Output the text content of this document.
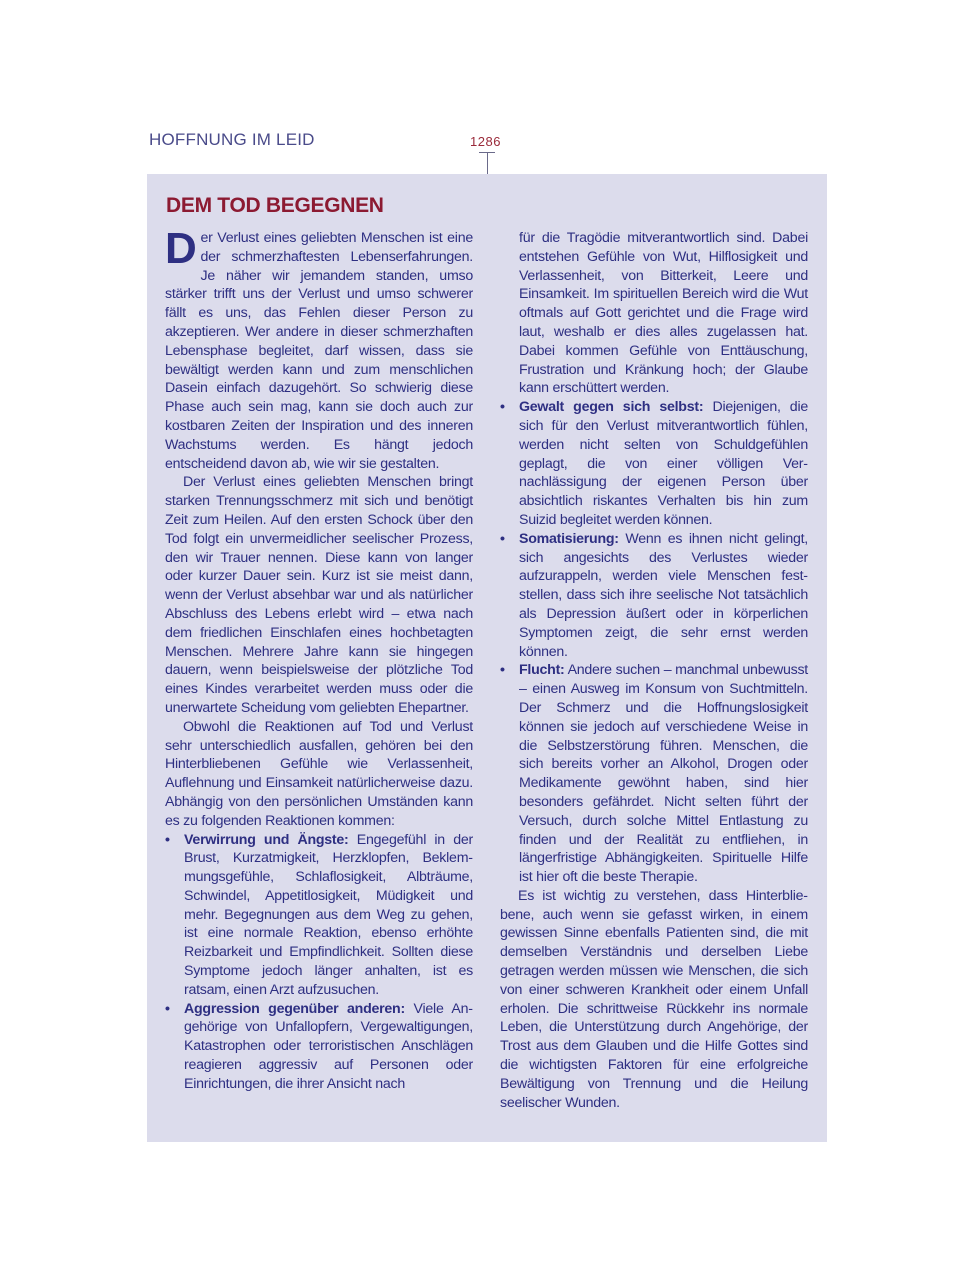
HOFFNUNG IM LEID	1286
DEM TOD BEGEGNEN

Der Verlust eines geliebten Menschen ist eine der schmerzhaftesten Lebenserfahrungen. Je näher wir jemandem standen, umso stärker trifft uns der Verlust und umso schwerer fällt es uns, das Fehlen dieser Person zu akzeptieren. Wer andere in dieser schmerzhaften Lebensphase begleitet, darf wissen, dass sie bewältigt werden kann und zum menschlichen Dasein einfach dazugehört. So schwierig diese Phase auch sein mag, kann sie doch auch zur kostbaren Zeiten der Inspiration und des inneren Wachstums werden. Es hängt jedoch entscheidend davon ab, wie wir sie gestalten.

Der Verlust eines geliebten Menschen bringt starken Trennungsschmerz mit sich und benötigt Zeit zum Heilen. Auf den ersten Schock über den Tod folgt ein unvermeidlicher seelischer Prozess, den wir Trauer nennen. Diese kann von langer oder kurzer Dauer sein. Kurz ist sie meist dann, wenn der Verlust absehbar war und als natürlicher Abschluss des Lebens erlebt wird – etwa nach dem friedlichen Einschlafen eines hochbetagten Menschen. Mehrere Jahre kann sie hingegen dauern, wenn beispielsweise der plötzliche Tod eines Kindes verarbeitet werden muss oder die unerwartete Scheidung vom geliebten Ehepartner.

Obwohl die Reaktionen auf Tod und Verlust sehr unterschiedlich ausfallen, gehören bei den Hinterbliebenen Gefühle wie Verlassenheit, Auflehnung und Einsamkeit natürlicherweise dazu. Abhängig von den persönlichen Umständen kann es zu folgenden Reaktionen kommen:

• Verwirrung und Ängste: Engegefühl in der Brust, Kurzatmigkeit, Herzklopfen, Beklemmungsgefühle, Schlaflosigkeit, Albträume, Schwindel, Appetitlosigkeit, Müdigkeit und mehr. Begegnungen aus dem Weg zu gehen, ist eine normale Reaktion, ebenso erhöhte Reizbarkeit und Empfindlichkeit. Sollten diese Symptome jedoch länger anhalten, ist es ratsam, einen Arzt aufzusuchen.

• Aggression gegenüber anderen: Viele Angehörige von Unfallopfern, Vergewaltigungen, Katastrophen oder terroristischen Anschlägen reagieren aggressiv auf Personen oder Einrichtungen, die ihrer Ansicht nach

für die Tragödie mitverantwortlich sind. Dabei entstehen Gefühle von Wut, Hilflosigkeit und Verlassenheit, von Bitterkeit, Leere und Einsamkeit. Im spirituellen Bereich wird die Wut oftmals auf Gott gerichtet und die Frage wird laut, weshalb er dies alles zugelassen hat. Dabei kommen Gefühle von Enttäuschung, Frustration und Kränkung hoch; der Glaube kann erschüttert werden.

• Gewalt gegen sich selbst: Diejenigen, die sich für den Verlust mitverantwortlich fühlen, werden nicht selten von Schuldgefühlen geplagt, die von einer völligen Vernachlässigung der eigenen Person über absichtlich riskantes Verhalten bis hin zum Suizid begleitet werden können.

• Somatisierung: Wenn es ihnen nicht gelingt, sich angesichts des Verlustes wieder aufzurappeln, werden viele Menschen feststellen, dass sich ihre seelische Not tatsächlich als Depression äußert oder in körperlichen Symptomen zeigt, die sehr ernst werden können.

• Flucht: Andere suchen – manchmal unbewusst – einen Ausweg im Konsum von Suchtmitteln. Der Schmerz und die Hoffnungslosigkeit können sie jedoch auf verschiedene Weise in die Selbstzerstörung führen. Menschen, die sich bereits vorher an Alkohol, Drogen oder Medikamente gewöhnt haben, sind hier besonders gefährdet. Nicht selten führt der Versuch, durch solche Mittel Entlastung zu finden und der Realität zu entfliehen, in längerfristige Abhängigkeiten. Spirituelle Hilfe ist hier oft die beste Therapie.

Es ist wichtig zu verstehen, dass Hinterbliebene, auch wenn sie gefasst wirken, in einem gewissen Sinne ebenfalls Patienten sind, die mit demselben Verständnis und derselben Liebe getragen werden müssen wie Menschen, die sich von einer schweren Krankheit oder einem Unfall erholen. Die schrittweise Rückkehr ins normale Leben, die Unterstützung durch Angehörige, der Trost aus dem Glauben und die Hilfe Gottes sind die wichtigsten Faktoren für eine erfolgreiche Bewältigung von Trennung und die Heilung seelischer Wunden.
